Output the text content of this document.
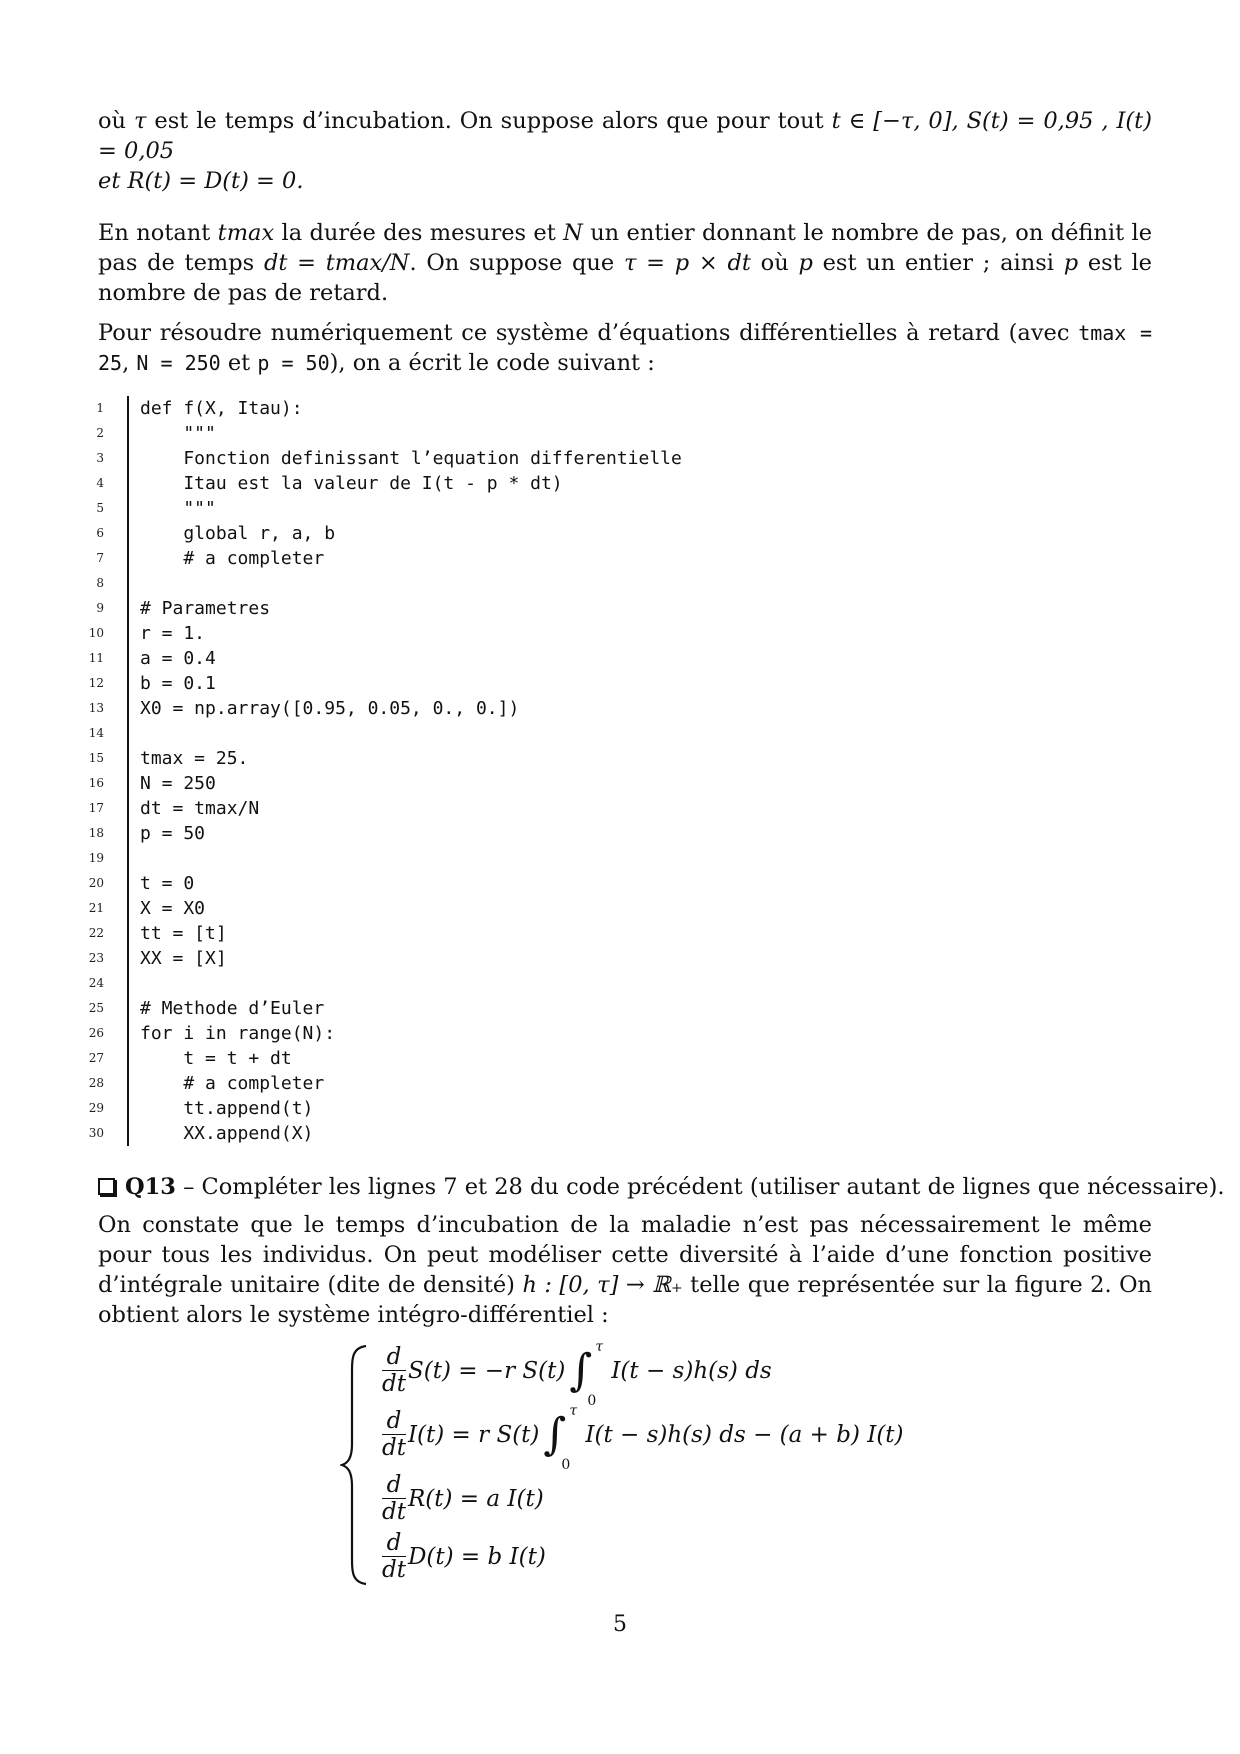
où τ est le temps d’incubation. On suppose alors que pour tout t ∈ [−τ, 0], S(t) = 0,95 , I(t) = 0,05
et R(t) = D(t) = 0.
En notant tmax la durée des mesures et N un entier donnant le nombre de pas, on définit le pas de temps dt = tmax/N. On suppose que τ = p × dt où p est un entier ; ainsi p est le nombre de pas de retard.
Pour résoudre numériquement ce système d’équations différentielles à retard (avec tmax = 25, N = 250 et p = 50), on a écrit le code suivant :
1 def f(X, Itau):
2 """
3 Fonction definissant l’equation differentielle
4 Itau est la valeur de I(t - p * dt)
5 """
6 global r, a, b
7 # a completer
8
9 # Parametres
10 r = 1.
11 a = 0.4
12 b = 0.1
13 X0 = np.array([0.95, 0.05, 0., 0.])
14
15 tmax = 25.
16 N = 250
17 dt = tmax/N
18 p = 50
19
20 t = 0
21 X = X0
22 tt = [t]
23 XX = [X]
24
25 # Methode d’Euler
26 for i in range(N):
27 t = t + dt
28 # a completer
29 tt.append(t)
30 XX.append(X)
Q13 – Compléter les lignes 7 et 28 du code précédent (utiliser autant de lignes que nécessaire).
On constate que le temps d’incubation de la maladie n’est pas nécessairement le même pour tous les individus. On peut modéliser cette diversité à l’aide d’une fonction positive d’intégrale unitaire (dite de densité) h : [0, τ] → ℝ₊ telle que représentée sur la figure 2. On obtient alors le système intégro-différentiel :
$\frac{d}{dt} S(t) = -r$ S(t)∫ τ
0
I(t − s)h(s) ds
$\frac{d}{dt} I(t) = r$ S(t)∫ τ
0
I(t − s)h(s) ds − (a + b) I(t)
$\frac{d}{dt} R(t) = a$ I(t)
$\frac{d}{dt} D(t) = b$ I(t)
5
